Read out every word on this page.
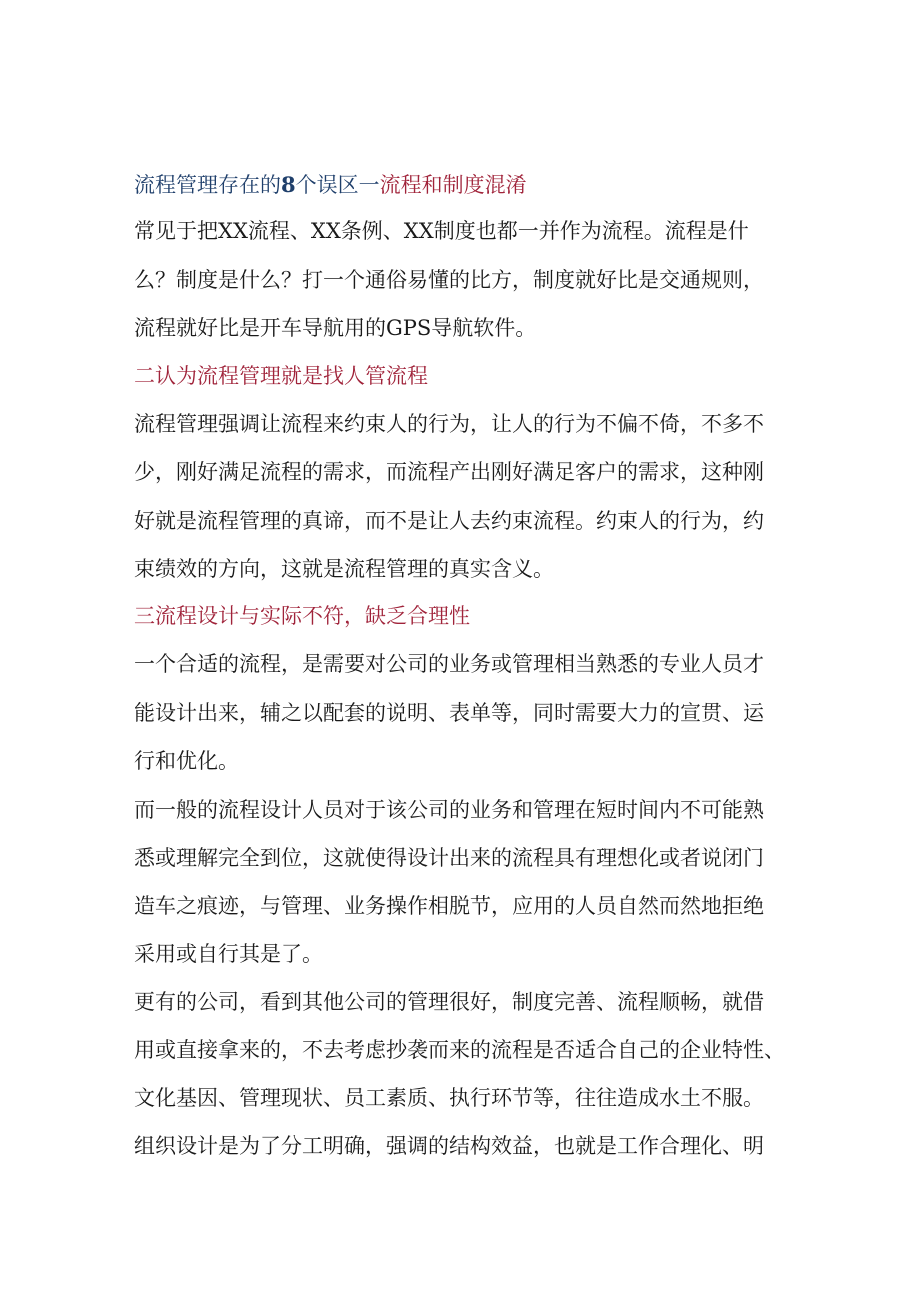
流程管理存在的8个误区一流程和制度混淆
常见于把XX流程、XX条例、XX制度也都一并作为流程。流程是什
么？制度是什么？打一个通俗易懂的比方，制度就好比是交通规则，
流程就好比是开车导航用的GPS导航软件。
二认为流程管理就是找人管流程
流程管理强调让流程来约束人的行为，让人的行为不偏不倚，不多不
少，刚好满足流程的需求，而流程产出刚好满足客户的需求，这种刚
好就是流程管理的真谛，而不是让人去约束流程。约束人的行为，约
束绩效的方向，这就是流程管理的真实含义。
三流程设计与实际不符，缺乏合理性
一个合适的流程，是需要对公司的业务或管理相当熟悉的专业人员才
能设计出来，辅之以配套的说明、表单等，同时需要大力的宣贯、运
行和优化。
而一般的流程设计人员对于该公司的业务和管理在短时间内不可能熟
悉或理解完全到位，这就使得设计出来的流程具有理想化或者说闭门
造车之痕迹，与管理、业务操作相脱节，应用的人员自然而然地拒绝
采用或自行其是了。
更有的公司，看到其他公司的管理很好，制度完善、流程顺畅，就借
用或直接拿来的，不去考虑抄袭而来的流程是否适合自己的企业特性、
文化基因、管理现状、员工素质、执行环节等，往往造成水土不服。
组织设计是为了分工明确，强调的结构效益，也就是工作合理化、明
